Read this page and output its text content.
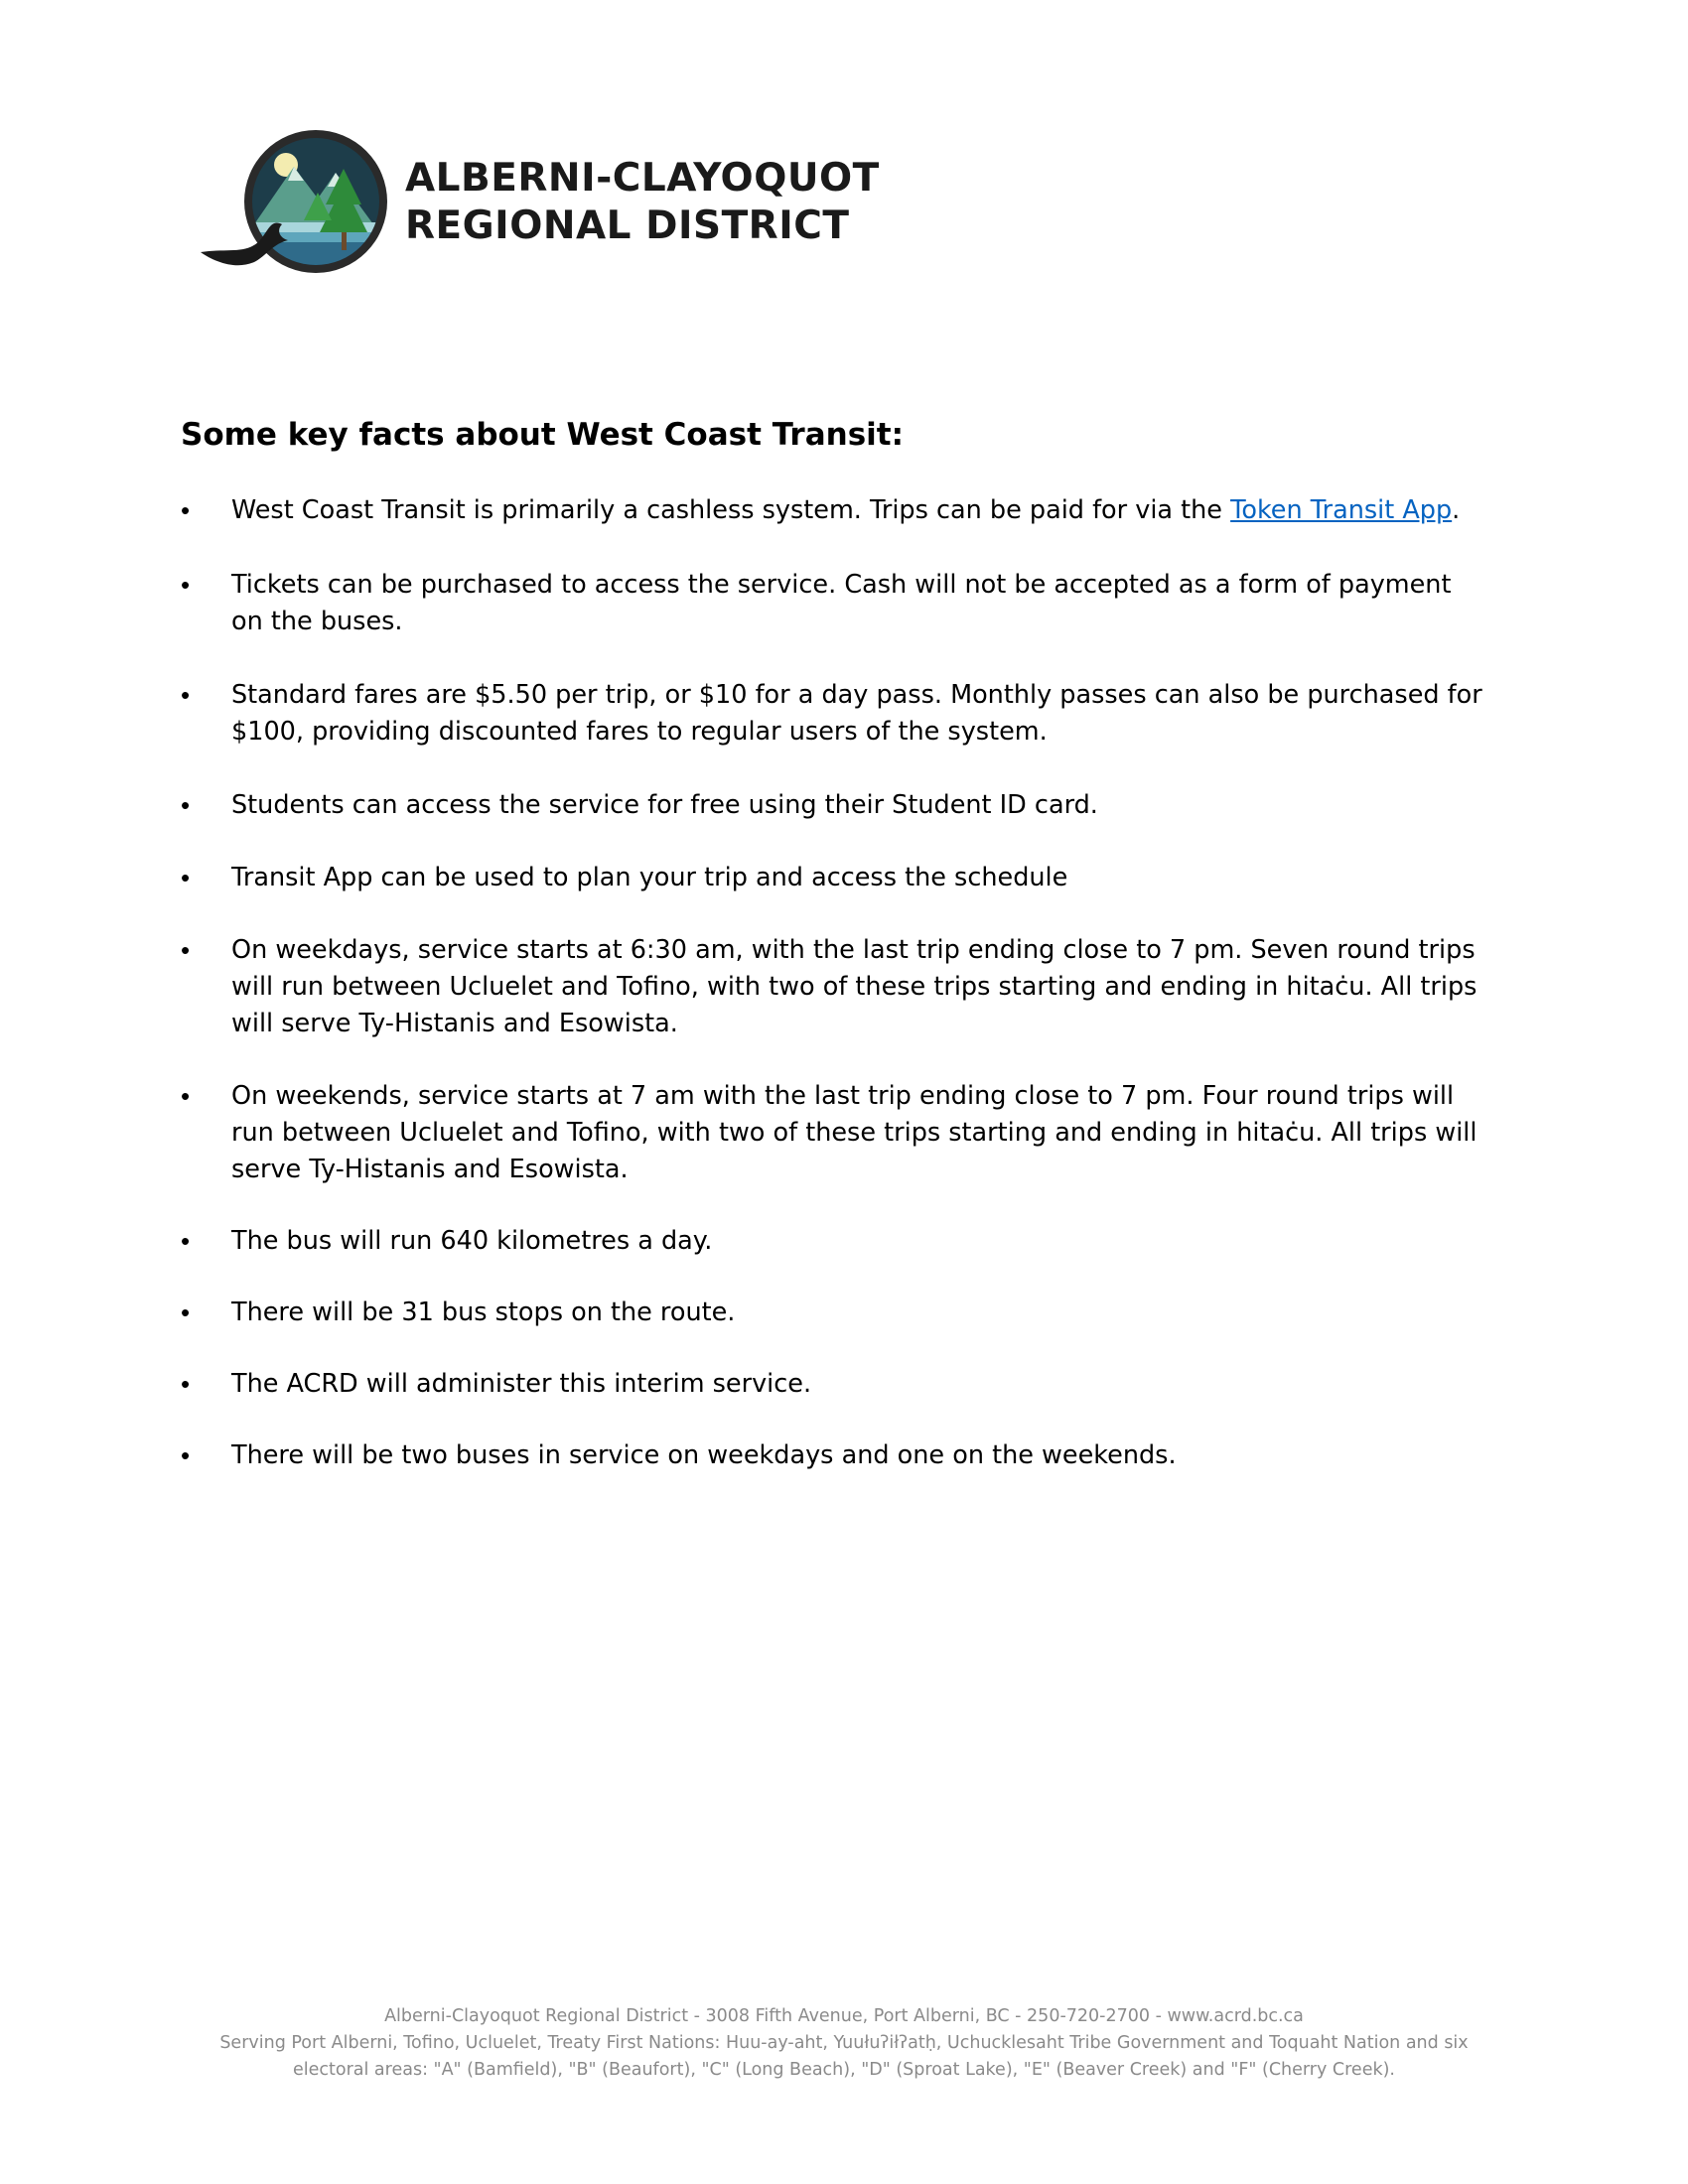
ALBERNI-CLAYOQUOT
REGIONAL DISTRICT
Some key facts about West Coast Transit:
• West Coast Transit is primarily a cashless system. Trips can be paid for via the Token Transit App.
• Tickets can be purchased to access the service. Cash will not be accepted as a form of payment on the buses.
• Standard fares are $5.50 per trip, or $10 for a day pass. Monthly passes can also be purchased for $100, providing discounted fares to regular users of the system.
• Students can access the service for free using their Student ID card.
• Transit App can be used to plan your trip and access the schedule
• On weekdays, service starts at 6:30 am, with the last trip ending close to 7 pm. Seven round trips will run between Ucluelet and Tofino, with two of these trips starting and ending in hitaċu. All trips will serve Ty-Histanis and Esowista.
• On weekends, service starts at 7 am with the last trip ending close to 7 pm. Four round trips will run between Ucluelet and Tofino, with two of these trips starting and ending in hitaċu. All trips will serve Ty-Histanis and Esowista.
• The bus will run 640 kilometres a day.
• There will be 31 bus stops on the route.
• The ACRD will administer this interim service.
• There will be two buses in service on weekdays and one on the weekends.
Alberni-Clayoquot Regional District - 3008 Fifth Avenue, Port Alberni, BC - 250-720-2700 - www.acrd.bc.ca
Serving Port Alberni, Tofino, Ucluelet, Treaty First Nations: Huu-ay-aht, Yuułuʔiłʔatḥ, Uchucklesaht Tribe Government and Toquaht Nation and six
electoral areas: "A" (Bamfield), "B" (Beaufort), "C" (Long Beach), "D" (Sproat Lake), "E" (Beaver Creek) and "F" (Cherry Creek).
